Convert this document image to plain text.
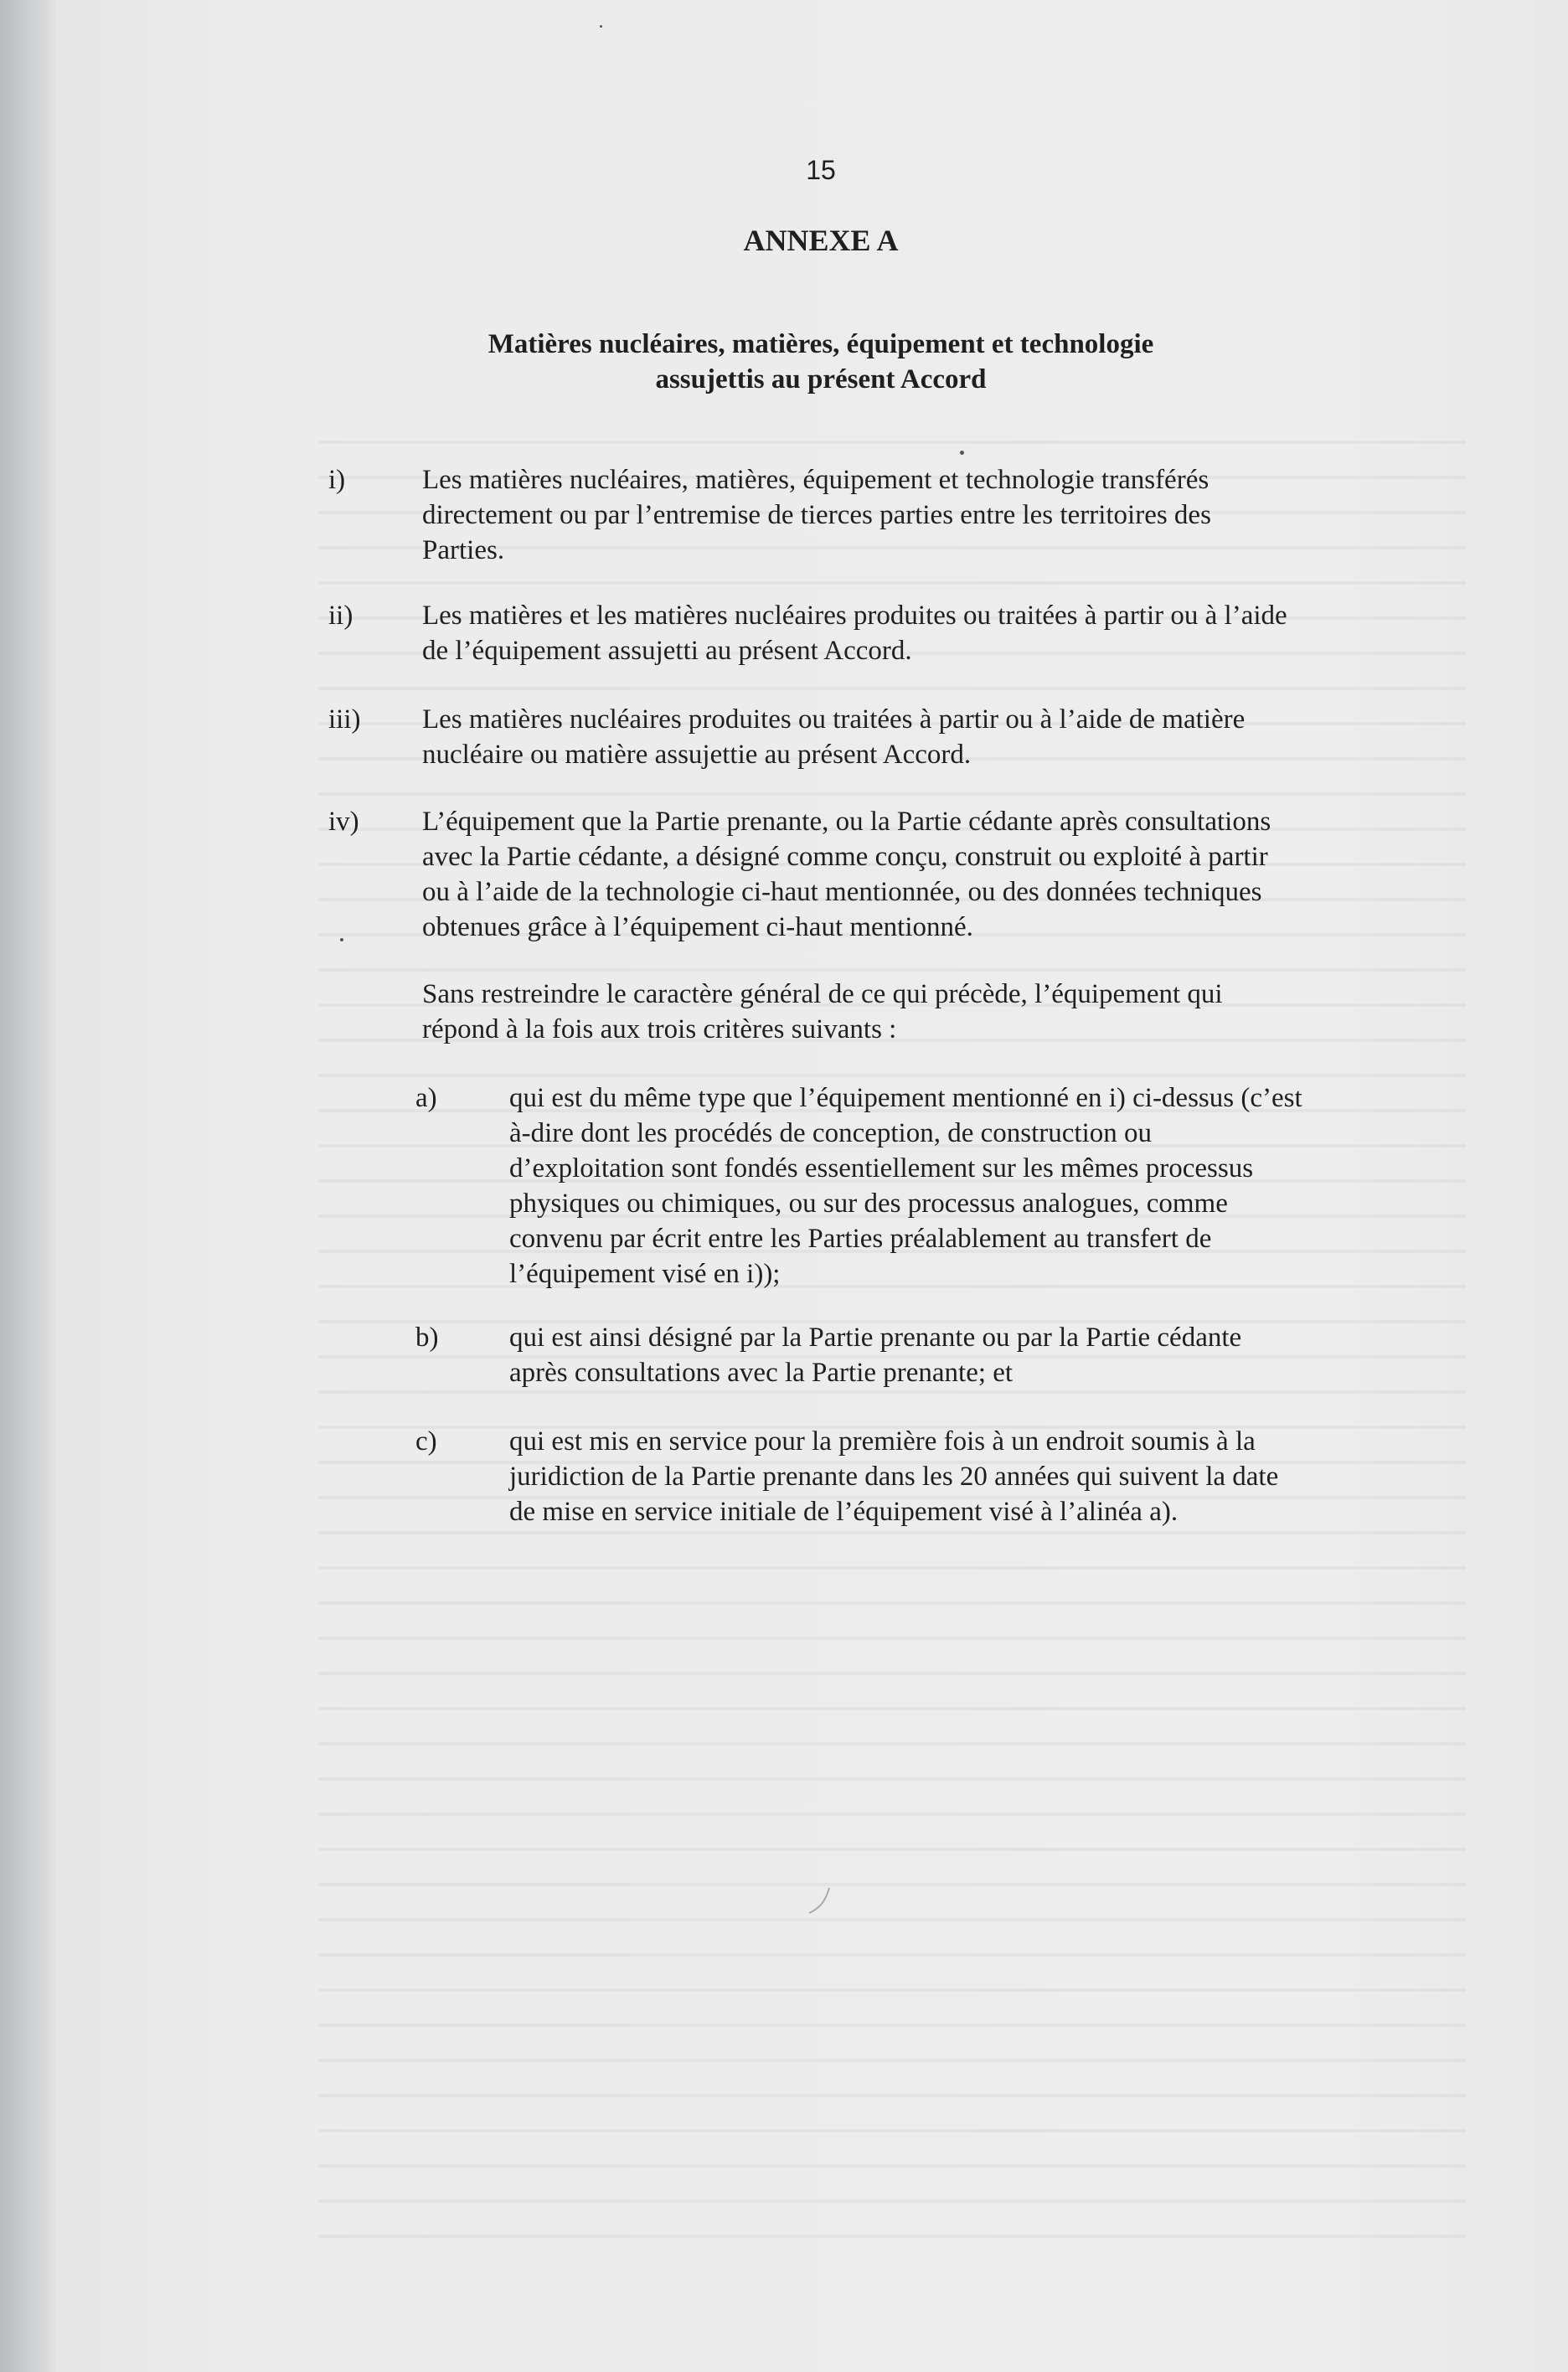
15
ANNEXE A
Matières nucléaires, matières, équipement et technologie
assujettis au présent Accord
i)	Les matières nucléaires, matières, équipement et technologie transférés
directement ou par l’entremise de tierces parties entre les territoires des
Parties.
ii)	Les matières et les matières nucléaires produites ou traitées à partir ou à l’aide
de l’équipement assujetti au présent Accord.
iii) Les matières nucléaires produites ou traitées à partir ou à l’aide de matière
nucléaire ou matière assujettie au présent Accord.
iv) L’équipement que la Partie prenante, ou la Partie cédante après consultations
avec la Partie cédante, a désigné comme conçu, construit ou exploité à partir
ou à l’aide de la technologie ci-haut mentionnée, ou des données techniques
obtenues grâce à l’équipement ci-haut mentionné.
Sans restreindre le caractère général de ce qui précède, l’équipement qui
répond à la fois aux trois critères suivants :
a)	qui est du même type que l’équipement mentionné en i) ci-dessus (c’est
à-dire dont les procédés de conception, de construction ou
d’exploitation sont fondés essentiellement sur les mêmes processus
physiques ou chimiques, ou sur des processus analogues, comme
convenu par écrit entre les Parties préalablement au transfert de
l’équipement visé en i));
b)	qui est ainsi désigné par la Partie prenante ou par la Partie cédante
après consultations avec la Partie prenante; et
c)	qui est mis en service pour la première fois à un endroit soumis à la
juridiction de la Partie prenante dans les 20 années qui suivent la date
de mise en service initiale de l’équipement visé à l’alinéa a).
